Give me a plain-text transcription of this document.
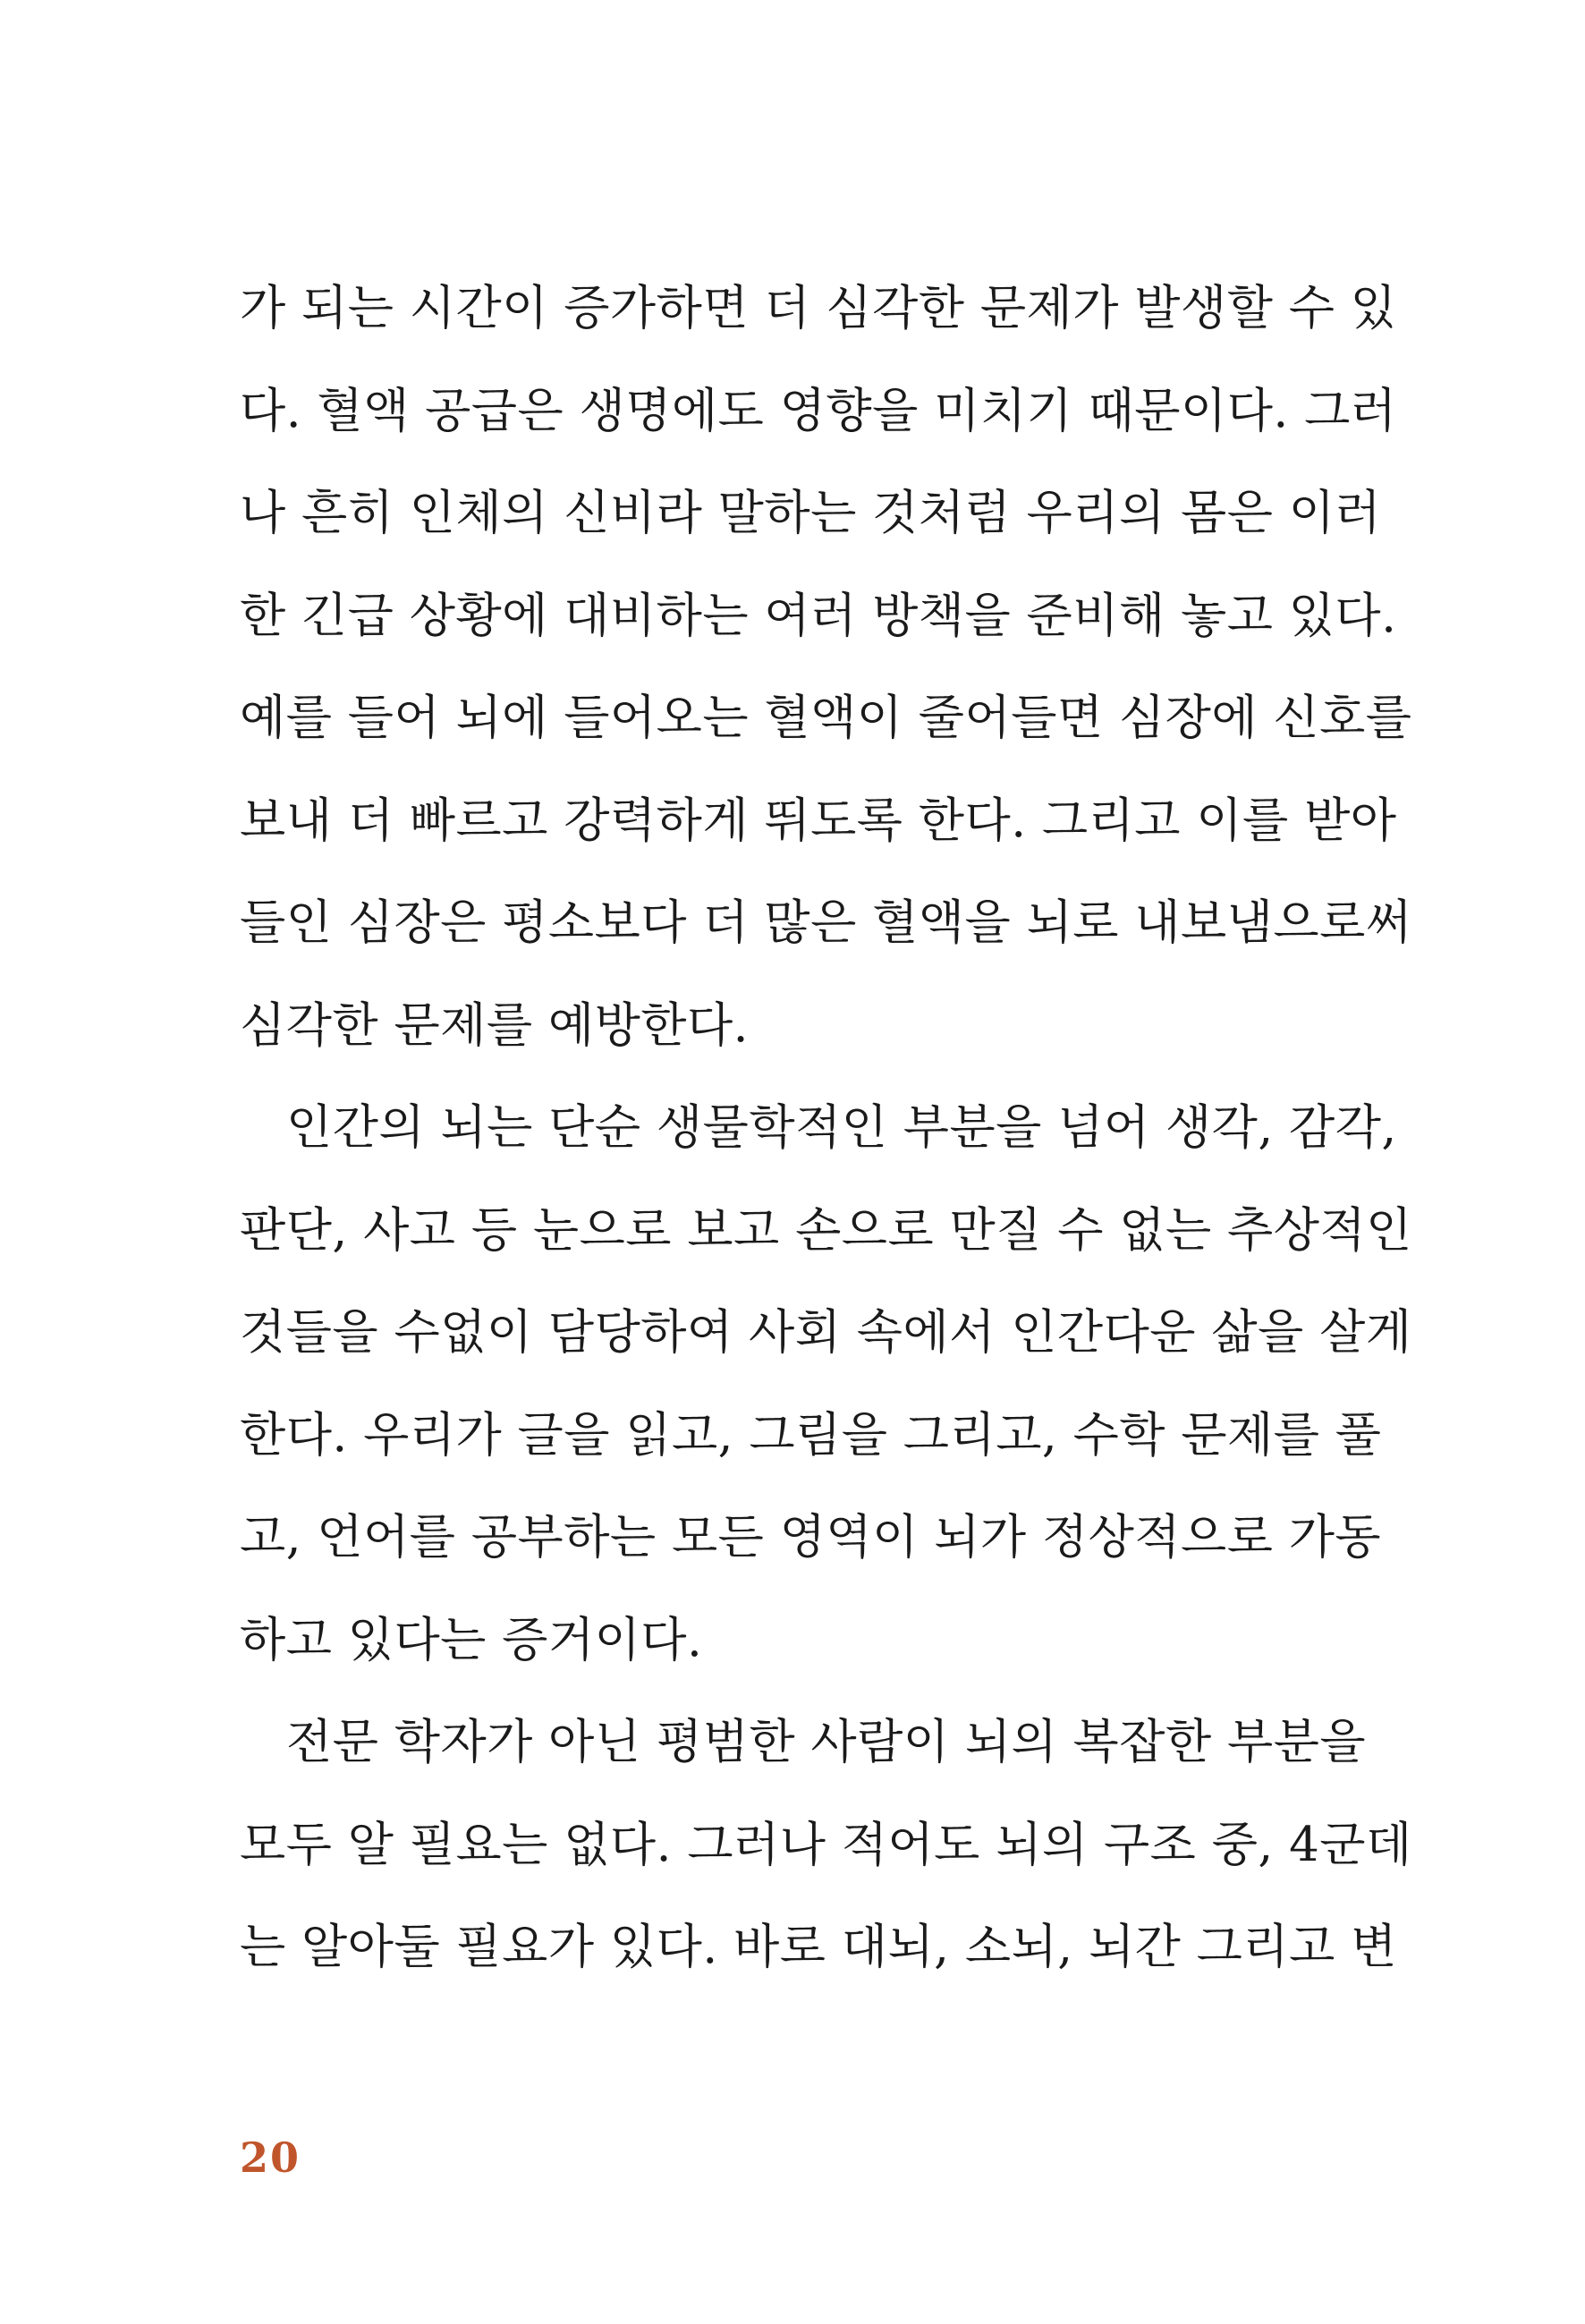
가 되는 시간이 증가하면 더 심각한 문제가 발생할 수 있
다. 혈액 공급은 생명에도 영향을 미치기 때문이다. 그러
나 흔히 인체의 신비라 말하는 것처럼 우리의 몸은 이러
한 긴급 상황에 대비하는 여러 방책을 준비해 놓고 있다.
예를 들어 뇌에 들어오는 혈액이 줄어들면 심장에 신호를
보내 더 빠르고 강력하게 뛰도록 한다. 그리고 이를 받아
들인 심장은 평소보다 더 많은 혈액을 뇌로 내보냄으로써
심각한 문제를 예방한다.
인간의 뇌는 단순 생물학적인 부분을 넘어 생각, 감각,
판단, 사고 등 눈으로 보고 손으로 만질 수 없는 추상적인
것들을 수없이 담당하여 사회 속에서 인간다운 삶을 살게
한다. 우리가 글을 읽고, 그림을 그리고, 수학 문제를 풀
고, 언어를 공부하는 모든 영역이 뇌가 정상적으로 가동
하고 있다는 증거이다.
전문 학자가 아닌 평범한 사람이 뇌의 복잡한 부분을
모두 알 필요는 없다. 그러나 적어도 뇌의 구조 중, 4군데
는 알아둘 필요가 있다. 바로 대뇌, 소뇌, 뇌간 그리고 변
20
